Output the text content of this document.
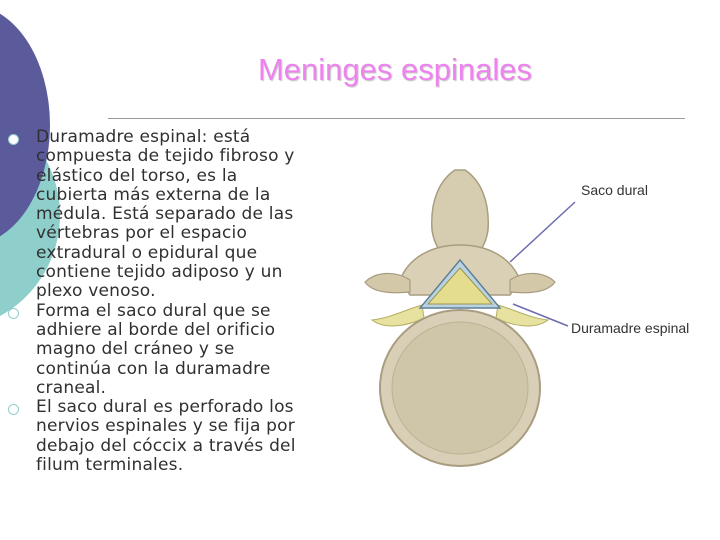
Meninges espinales
Duramadre espinal: está compuesta de tejido fibroso y elástico del torso, es la cubierta más externa de la médula. Está separado de las vértebras por el espacio extradural o epidural que contiene tejido adiposo y un plexo venoso.
Forma el saco dural que se adhiere al borde del orificio magno del cráneo y se continúa con la duramadre craneal.
El saco dural es perforado los nervios espinales y se fija por debajo del cóccix a través del filum terminales.
Saco dural
Duramadre espinal
